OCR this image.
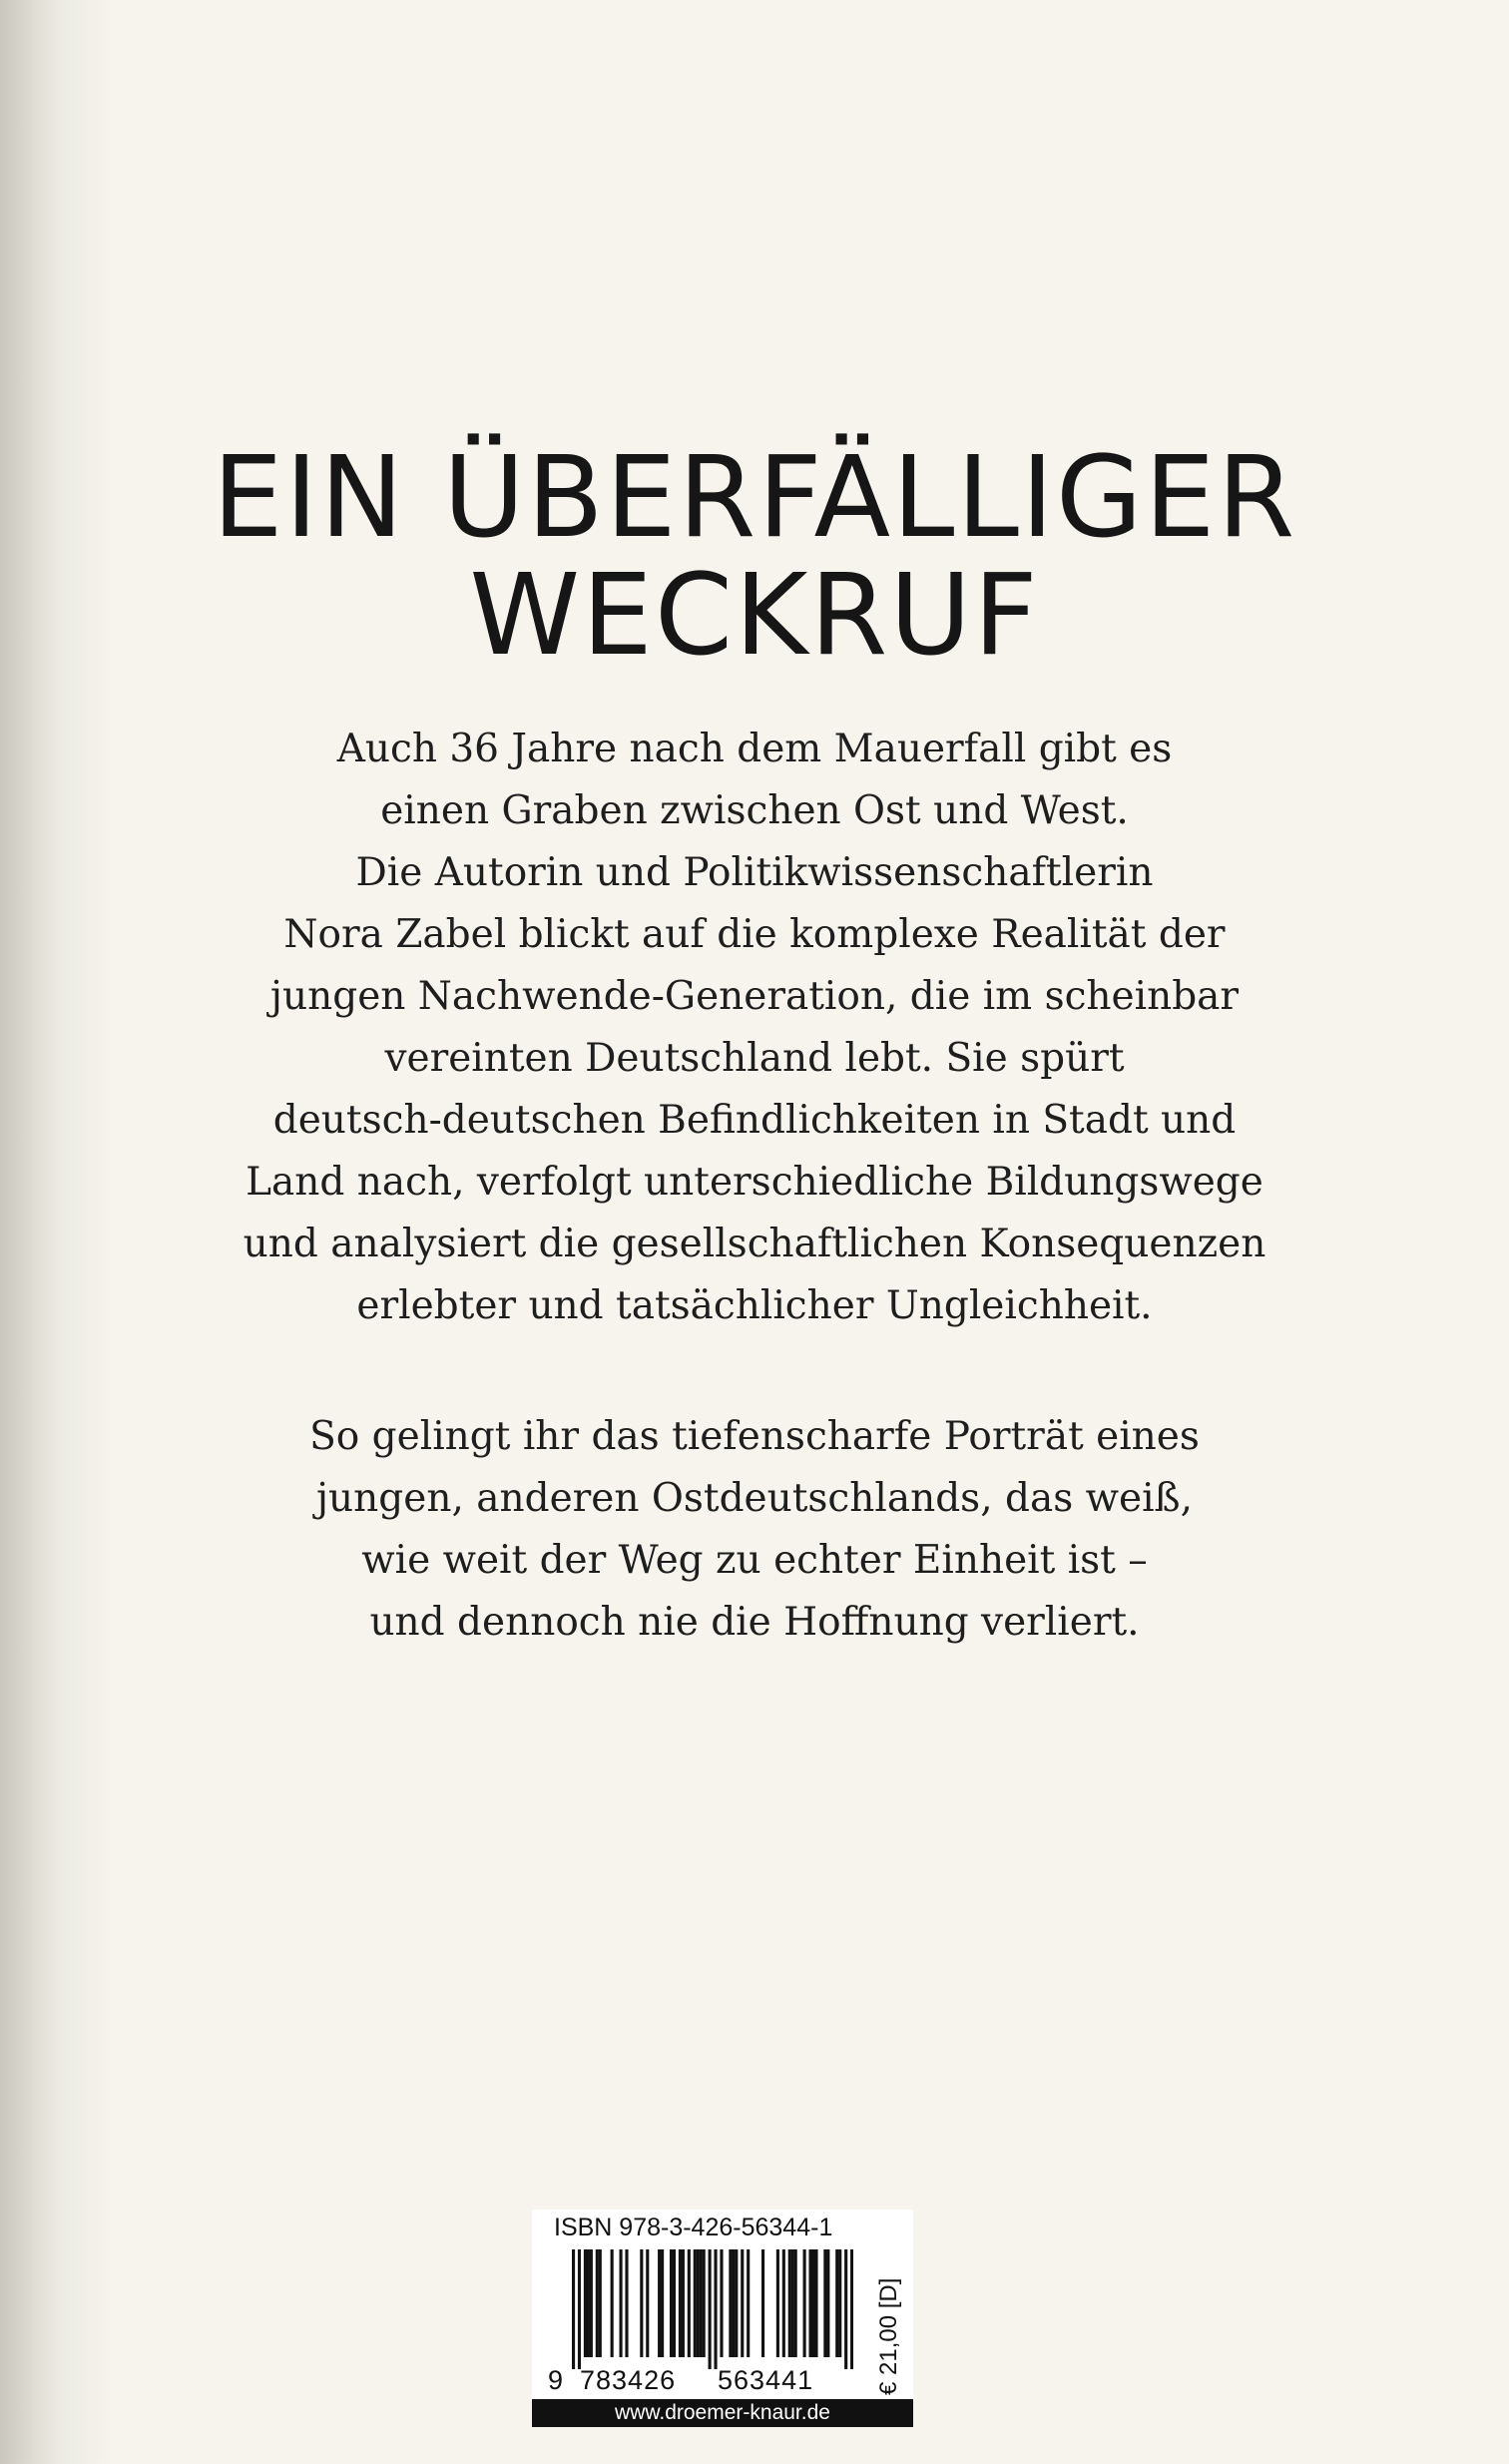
EIN ÜBERFÄLLIGER
WECKRUF
Auch 36 Jahre nach dem Mauerfall gibt es
einen Graben zwischen Ost und West.
Die Autorin und Politikwissenschaftlerin
Nora Zabel blickt auf die komplexe Realität der
jungen Nachwende-Generation, die im scheinbar
vereinten Deutschland lebt. Sie spürt
deutsch-deutschen Befindlichkeiten in Stadt und
Land nach, verfolgt unterschiedliche Bildungswege
und analysiert die gesellschaftlichen Konsequenzen
erlebter und tatsächlicher Ungleichheit.
So gelingt ihr das tiefenscharfe Porträt eines
jungen, anderen Ostdeutschlands, das weiß,
wie weit der Weg zu echter Einheit ist –
und dennoch nie die Hoffnung verliert.
ISBN 978-3-426-56344-1
9 783426 563441	€ 21,00 [D]
www.droemer-knaur.de
